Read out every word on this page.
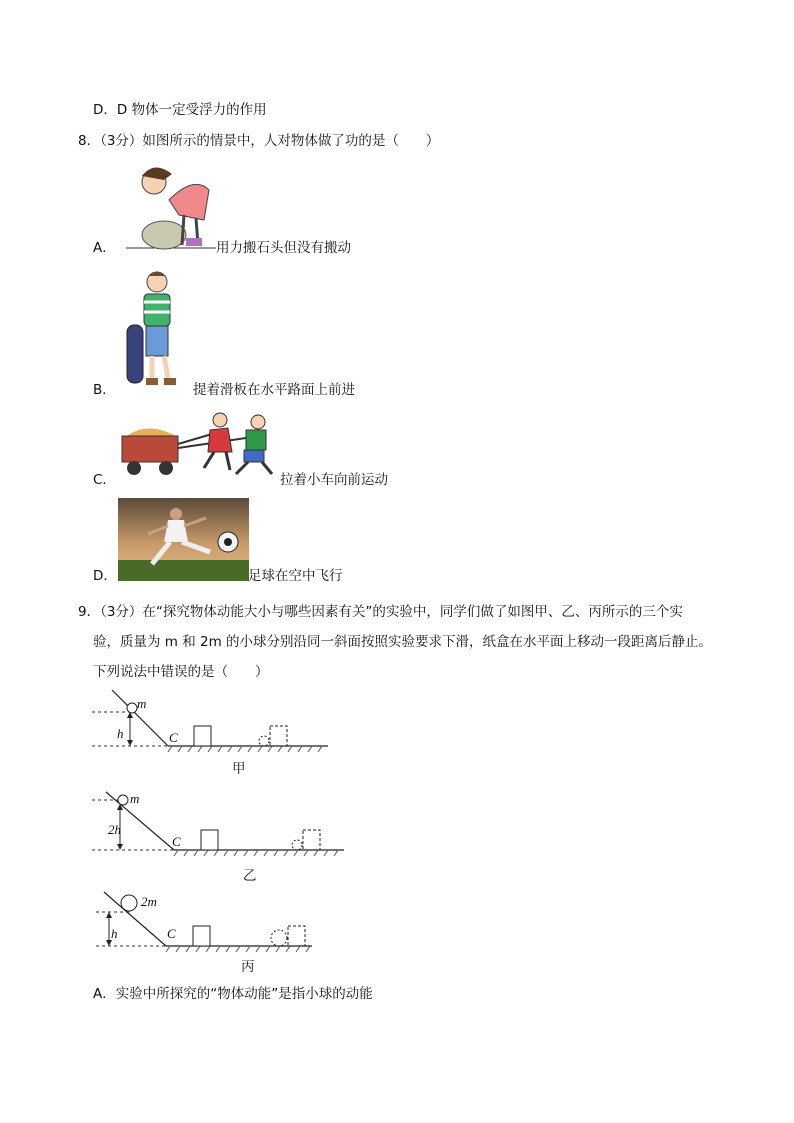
D．D 物体一定受浮力的作用
8．（3分）如图所示的情景中，人对物体做了功的是（　　）
A．	用力搬石头但没有搬动
B．	提着滑板在水平路面上前进
C．	拉着小车向前运动
D．	足球在空中飞行
9．（3分）在“探究物体动能大小与哪些因素有关”的实验中，同学们做了如图甲、乙、丙所示的三个实
验，质量为 m 和 2m 的小球分别沿同一斜面按照实验要求下滑，纸盒在水平面上移动一段距离后静止。
下列说法中错误的是（　　）
m
h	C
甲
m
2h
C
乙
2m
h	C
丙
A．实验中所探究的“物体动能”是指小球的动能
